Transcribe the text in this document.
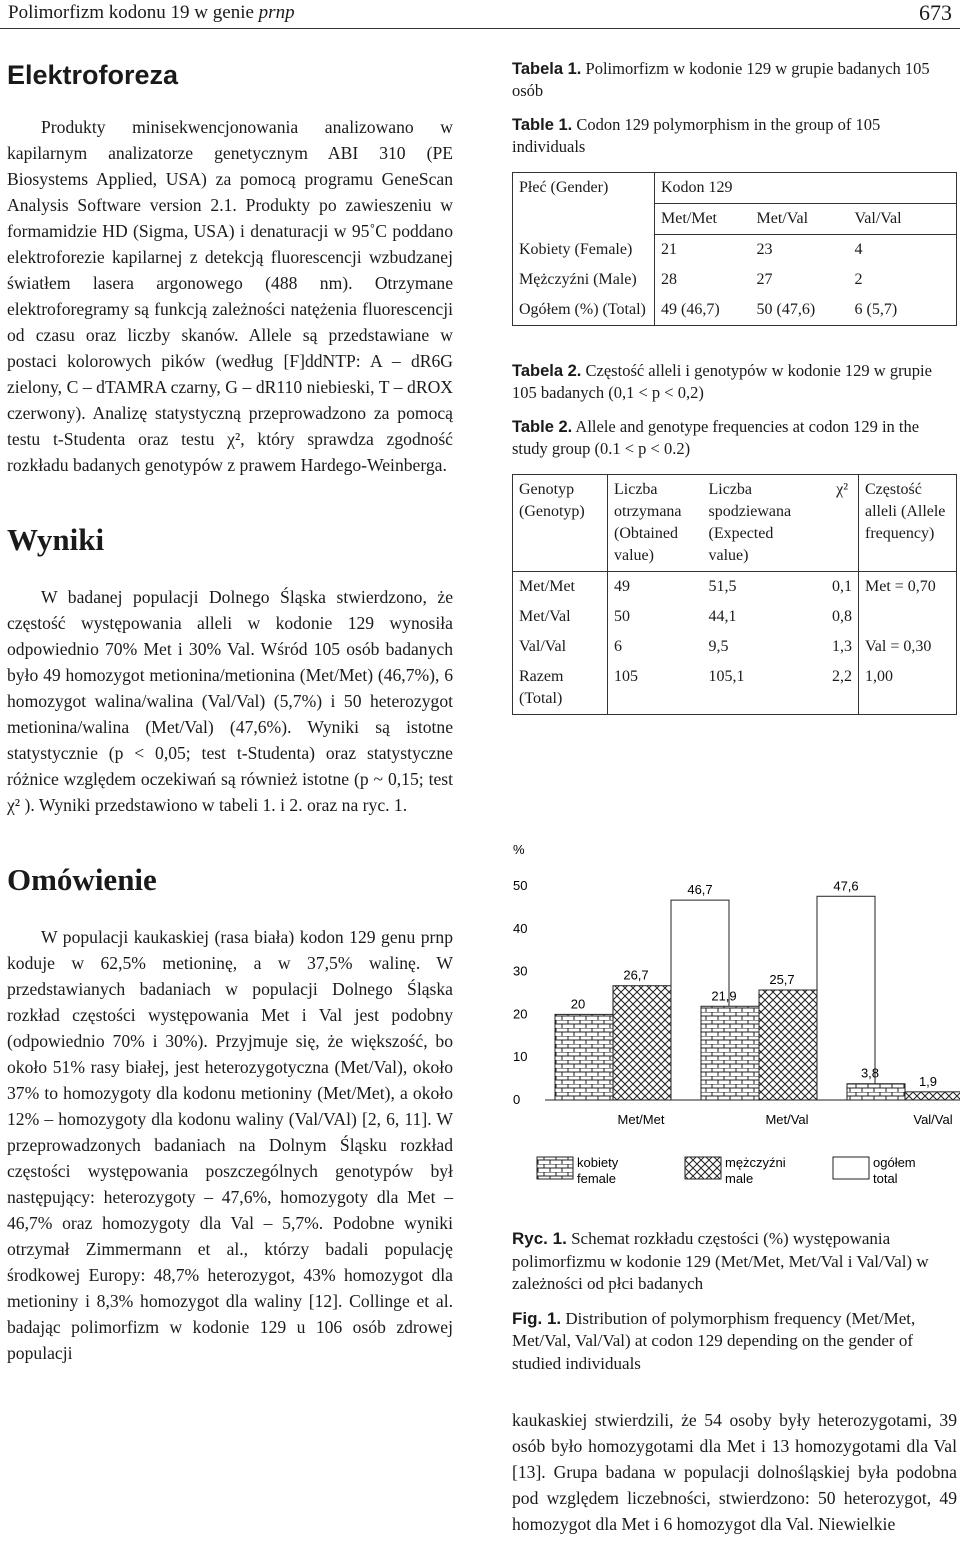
Polimorfizm kodonu 19 w genie prnp	673
Elektroforeza

Produkty minisekwencjonowania analizowano w kapilarnym analizatorze genetycznym ABI 310 (PE Biosystems Applied, USA) za pomocą programu GeneScan Analysis Software version 2.1. Produkty po zawieszeniu w formamidzie HD (Sigma, USA) i denaturacji w 95˚C poddano elektroforezie kapilarnej z detekcją fluorescencji wzbudzanej światłem lasera argonowego (488 nm). Otrzymane elektroforegramy są funkcją zależności natężenia fluorescencji od czasu oraz liczby skanów. Allele są przedstawiane w postaci kolorowych pików (według [F]ddNTP: A – dR6G zielony, C – dTAMRA czarny, G – dR110 niebieski, T – dROX czerwony). Analizę statystyczną przeprowadzono za pomocą testu t-Studenta oraz testu χ², który sprawdza zgodność rozkładu badanych genotypów z prawem Hardego-Weinberga.

Wyniki

W badanej populacji Dolnego Śląska stwierdzono, że częstość występowania alleli w kodonie 129 wynosiła odpowiednio 70% Met i 30% Val. Wśród 105 osób badanych było 49 homozygot metionina/metionina (Met/Met) (46,7%), 6 homozygot walina/walina (Val/Val) (5,7%) i 50 heterozygot metionina/walina (Met/Val) (47,6%). Wyniki są istotne statystycznie (p < 0,05; test t-Studenta) oraz statystyczne różnice względem oczekiwań są również istotne (p ~ 0,15; test χ² ). Wyniki przedstawiono w tabeli 1. i 2. oraz na ryc. 1.

Omówienie

W populacji kaukaskiej (rasa biała) kodon 129 genu prnp koduje w 62,5% metioninę, a w 37,5% walinę. W przedstawianych badaniach w populacji Dolnego Śląska rozkład częstości występowania Met i Val jest podobny (odpowiednio 70% i 30%). Przyjmuje się, że większość, bo około 51% rasy białej, jest heterozygotyczna (Met/Val), około 37% to homozygoty dla kodonu metioniny (Met/Met), a około 12% – homozygoty dla kodonu waliny (Val/VAl) [2, 6, 11]. W przeprowadzonych badaniach na Dolnym Śląsku rozkład częstości występowania poszczególnych genotypów był następujący: heterozygoty – 47,6%, homozygoty dla Met – 46,7% oraz homozygoty dla Val – 5,7%. Podobne wyniki otrzymał Zimmermann et al., którzy badali populację środkowej Europy: 48,7% heterozygot, 43% homozygot dla metioniny i 8,3% homozygot dla waliny [12]. Collinge et al. badając polimorfizm w kodonie 129 u 106 osób zdrowej populacji

Tabela 1. Polimorfizm w kodonie 129 w grupie badanych 105 osób

Table 1. Codon 129 polymorphism in the group of 105 individuals

Płeć (Gender)	Kodon 129		
	Met/Met	Met/Val	Val/Val
Kobiety (Female)	21	23	4
Mężczyźni (Male)	28	27	2
Ogółem (%) (Total)	49 (46,7)	50 (47,6)	6 (5,7)

Tabela 2. Częstość alleli i genotypów w kodonie 129 w grupie 105 badanych (0,1 < p < 0,2)

Table 2. Allele and genotype frequencies at codon 129 in the study group (0.1 < p < 0.2)

Genotyp (Genotyp)	Liczba otrzymana (Obtained value)	Liczba spodziewana (Expected value)	χ²	Częstość alleli (Allele frequency)
Met/Met	49	51,5	0,1	Met = 0,70
Met/Val	50	44,1	0,8	
Val/Val	6	9,5	1,3	Val = 0,30
Razem (Total)	105	105,1	2,2	1,00
%
0
10
20
30
40
50
20
26,7
46,7
Met/Met
21,9
25,7
47,6
Met/Val
3,8
1,9
Val/Val
kobiety
female
mężczyźni
male
ogółem
total

Ryc. 1. Schemat rozkładu częstości (%) występowania polimorfizmu w kodonie 129 (Met/Met, Met/Val i Val/Val) w zależności od płci badanych

Fig. 1. Distribution of polymorphism frequency (Met/Met, Met/Val, Val/Val) at codon 129 depending on the gender of studied individuals

kaukaskiej stwierdzili, że 54 osoby były heterozygotami, 39 osób było homozygotami dla Met i 13 homozygotami dla Val [13]. Grupa badana w populacji dolnośląskiej była podobna pod względem liczebności, stwierdzono: 50 heterozygot, 49 homozygot dla Met i 6 homozygot dla Val. Niewielkie
